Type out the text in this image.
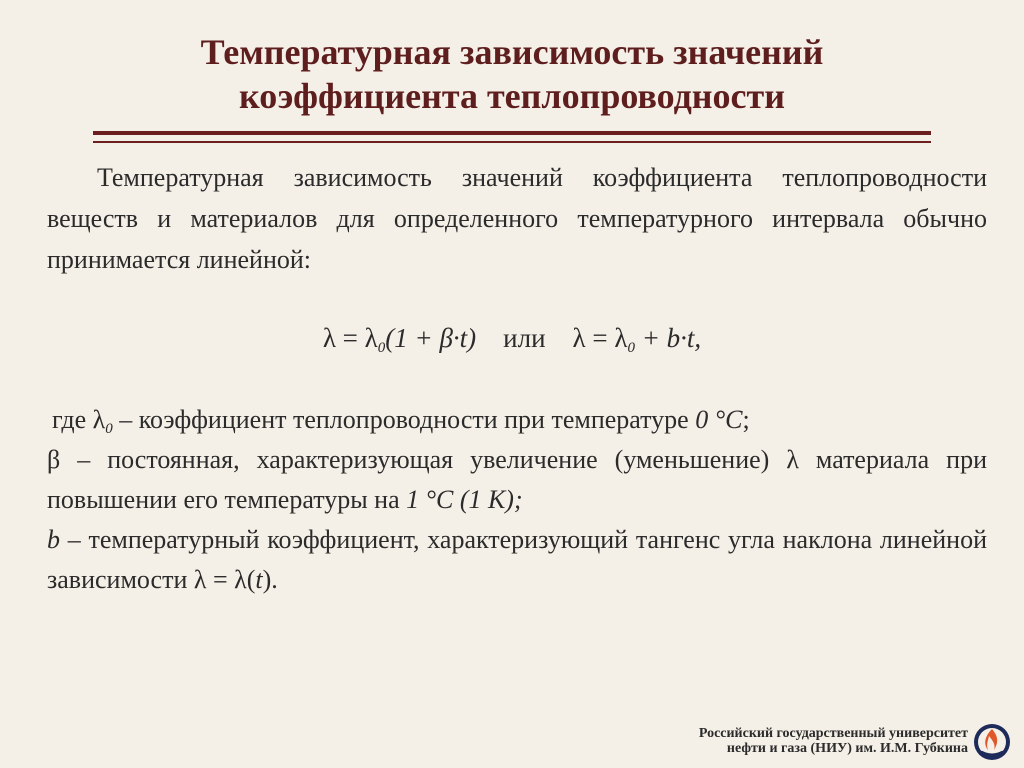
Температурная зависимость значений
коэффициента теплопроводности
Температурная зависимость значений коэффициента теплопроводности веществ и материалов для определенного температурного интервала обычно принимается линейной:
$\lambda = \lambda_0(1 + \beta\cdot t)$ или $\lambda = \lambda_0 + b\cdot t$,
где $\lambda_0$ – коэффициент теплопроводности при температуре 0 °С;
β – постоянная, характеризующая увеличение (уменьшение) λ материала при повышении его температуры на 1 °С (1 К);
b – температурный коэффициент, характеризующий тангенс угла наклона линейной зависимости λ = λ(t).
Российский государственный университет
нефти и газа (НИУ) им. И.М. Губкина
